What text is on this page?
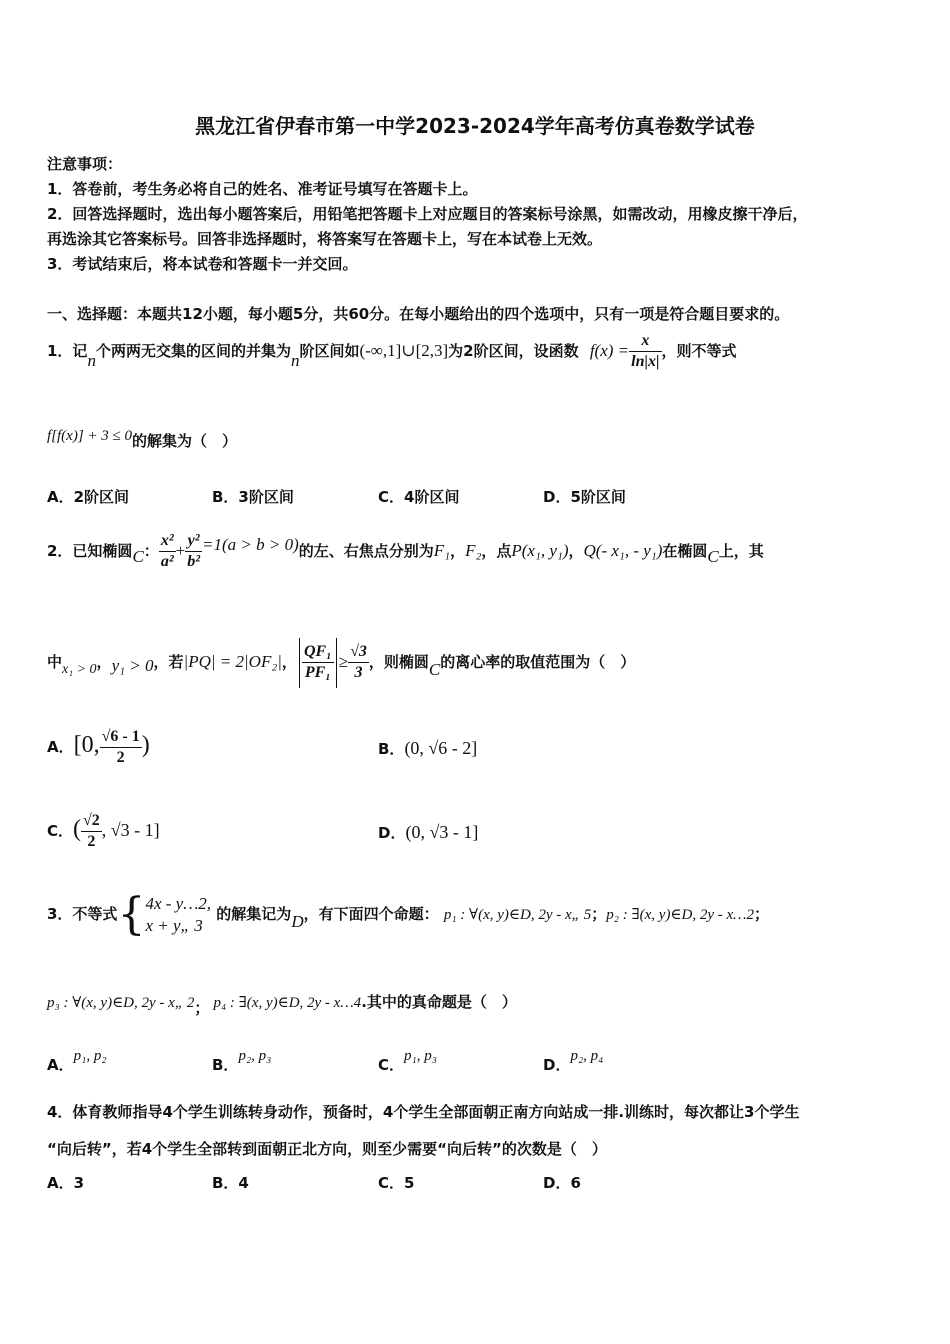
黑龙江省伊春市第一中学2023-2024学年高考仿真卷数学试卷
注意事项：
1．答卷前，考生务必将自己的姓名、准考证号填写在答题卡上。
2．回答选择题时，选出每小题答案后，用铅笔把答题卡上对应题目的答案标号涂黑，如需改动，用橡皮擦干净后，
再选涂其它答案标号。回答非选择题时，将答案写在答题卡上，写在本试卷上无效。
3．考试结束后，将本试卷和答题卡一并交回。
一、选择题：本题共12小题，每小题5分，共60分。在每小题给出的四个选项中，只有一项是符合题目要求的。
1．记n个两两无交集的区间的并集为n阶区间如(-∞,1]∪[2,3]为2阶区间，设函数 $f(x) = \frac{x}{\ln|x|}$ ，则不等式
f[f(x)] + 3 ≤ 0的解集为（　）
A．2阶区间	B．3阶区间	C．4阶区间	D．5阶区间
2．已知椭圆C： $\frac{\text{x²}}{\text{a²}} + \frac{\text{y²}}{\text{b²}} =1(a > b > 0)$的左、右焦点分别为F₁，F₂，点P(x₁, y₁)，Q(- x₁, - y₁)在椭圆C上，其
中x₁ > 0，y₁ > 0，若|PQ| = 2|OF₂|， $\frac{\text{QF₁}}{\text{PF₁}} \ge \frac{√3}{3}$ ，则椭圆C的离心率的取值范围为（　）
A．[0, $\frac{√6 - 1}{2}$ )	B．(0, √6 - 2]
C．( $\frac{√2}{2}$ , √3 - 1]	D．(0, √3 - 1]
3．不等式{ 4x - y…2,
x + y„ 3
的解集记为D，有下面四个命题： p₁ : ∀(x, y)∈D, 2y - x„ 5；p₂ : ∃(x, y)∈D, 2y - x…2；
p₃ : ∀(x, y)∈D, 2y - x„ 2； p₄ : ∃(x, y)∈D, 2y - x…4.其中的真命题是（　）
A．p₁, p₂	B．p₂, p₃	C．p₁, p₃	D．p₂, p₄
4．体育教师指导4个学生训练转身动作，预备时，4个学生全部面朝正南方向站成一排.训练时，每次都让3个学生
“向后转”，若4个学生全部转到面朝正北方向，则至少需要“向后转”的次数是（　）
A．3	B．4	C．5	D．6
